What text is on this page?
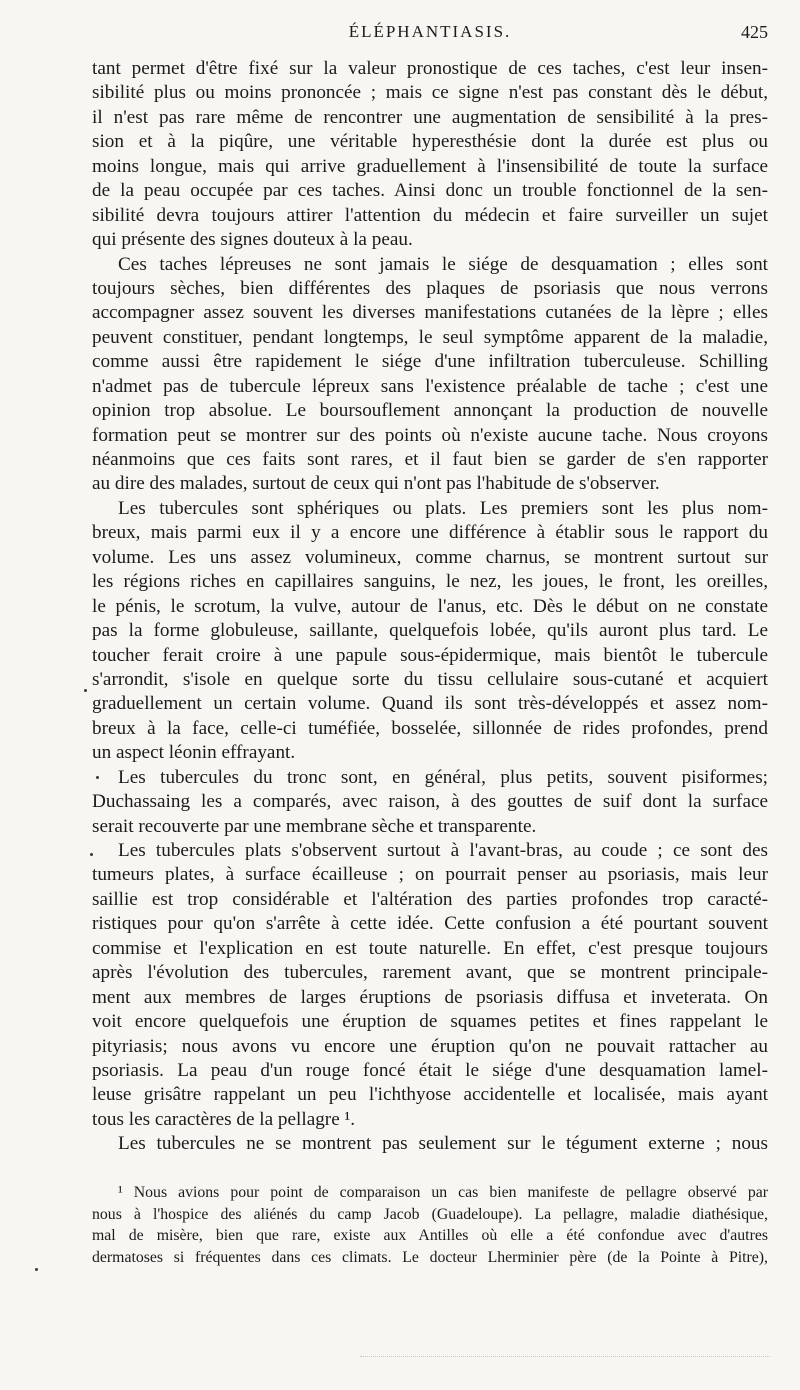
ÉLÉPHANTIASIS.	425
tant permet d'être fixé sur la valeur pronostique de ces taches, c'est leur insen-
sibilité plus ou moins prononcée ; mais ce signe n'est pas constant dès le début,
il n'est pas rare même de rencontrer une augmentation de sensibilité à la pres-
sion et à la piqûre, une véritable hyperesthésie dont la durée est plus ou
moins longue, mais qui arrive graduellement à l'insensibilité de toute la surface
de la peau occupée par ces taches. Ainsi donc un trouble fonctionnel de la sen-
sibilité devra toujours attirer l'attention du médecin et faire surveiller un sujet
qui présente des signes douteux à la peau.
Ces taches lépreuses ne sont jamais le siége de desquamation ; elles sont
toujours sèches, bien différentes des plaques de psoriasis que nous verrons
accompagner assez souvent les diverses manifestations cutanées de la lèpre ; elles
peuvent constituer, pendant longtemps, le seul symptôme apparent de la maladie,
comme aussi être rapidement le siége d'une infiltration tuberculeuse. Schilling
n'admet pas de tubercule lépreux sans l'existence préalable de tache ; c'est une
opinion trop absolue. Le boursouflement annonçant la production de nouvelle
formation peut se montrer sur des points où n'existe aucune tache. Nous croyons
néanmoins que ces faits sont rares, et il faut bien se garder de s'en rapporter
au dire des malades, surtout de ceux qui n'ont pas l'habitude de s'observer.
Les tubercules sont sphériques ou plats. Les premiers sont les plus nom-
breux, mais parmi eux il y a encore une différence à établir sous le rapport du
volume. Les uns assez volumineux, comme charnus, se montrent surtout sur
les régions riches en capillaires sanguins, le nez, les joues, le front, les oreilles,
le pénis, le scrotum, la vulve, autour de l'anus, etc. Dès le début on ne constate
pas la forme globuleuse, saillante, quelquefois lobée, qu'ils auront plus tard. Le
toucher ferait croire à une papule sous-épidermique, mais bientôt le tubercule
s'arrondit, s'isole en quelque sorte du tissu cellulaire sous-cutané et acquiert
graduellement un certain volume. Quand ils sont très-développés et assez nom-
breux à la face, celle-ci tuméfiée, bosselée, sillonnée de rides profondes, prend
un aspect léonin effrayant.
Les tubercules du tronc sont, en général, plus petits, souvent pisiformes;
Duchassaing les a comparés, avec raison, à des gouttes de suif dont la surface
serait recouverte par une membrane sèche et transparente.
Les tubercules plats s'observent surtout à l'avant-bras, au coude ; ce sont des
tumeurs plates, à surface écailleuse ; on pourrait penser au psoriasis, mais leur
saillie est trop considérable et l'altération des parties profondes trop caracté-
ristiques pour qu'on s'arrête à cette idée. Cette confusion a été pourtant souvent
commise et l'explication en est toute naturelle. En effet, c'est presque toujours
après l'évolution des tubercules, rarement avant, que se montrent principale-
ment aux membres de larges éruptions de psoriasis diffusa et inveterata. On
voit encore quelquefois une éruption de squames petites et fines rappelant le
pityriasis; nous avons vu encore une éruption qu'on ne pouvait rattacher au
psoriasis. La peau d'un rouge foncé était le siége d'une desquamation lamel-
leuse grisâtre rappelant un peu l'ichthyose accidentelle et localisée, mais ayant
tous les caractères de la pellagre ¹.
Les tubercules ne se montrent pas seulement sur le tégument externe ; nous
¹ Nous avions pour point de comparaison un cas bien manifeste de pellagre observé par
nous à l'hospice des aliénés du camp Jacob (Guadeloupe). La pellagre, maladie diathésique,
mal de misère, bien que rare, existe aux Antilles où elle a été confondue avec d'autres
dermatoses si fréquentes dans ces climats. Le docteur Lherminier père (de la Pointe à Pitre),
